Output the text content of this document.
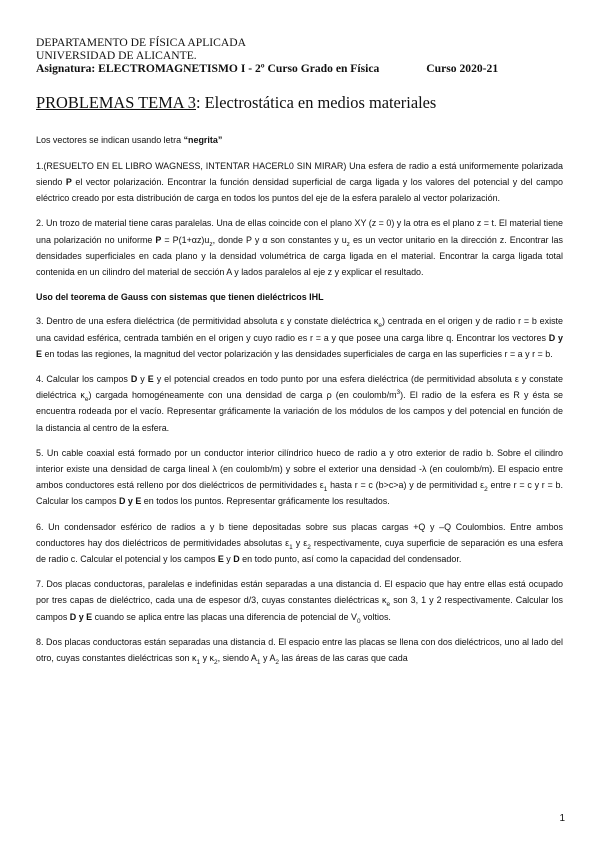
DEPARTAMENTO DE FÍSICA APLICADA
UNIVERSIDAD DE ALICANTE.
Asignatura: ELECTROMAGNETISMO I - 2º Curso Grado en Física	Curso 2020-21
PROBLEMAS TEMA 3: Electrostática en medios materiales

Los vectores se indican usando letra “negrita”

1.(RESUELTO EN EL LIBRO WAGNESS, INTENTAR HACERL0 SIN MIRAR) Una esfera de radio a está uniformemente polarizada siendo P el vector polarización. Encontrar la función densidad superficial de carga ligada y los valores del potencial y del campo eléctrico creado por esta distribución de carga en todos los puntos del eje de la esfera paralelo al vector polarización.

2. Un trozo de material tiene caras paralelas. Una de ellas coincide con el plano XY (z = 0) y la otra es el plano z = t. El material tiene una polarización no uniforme $P = P(1+\alpha z)u_z$, donde P y α son constantes y $u_z$ es un vector unitario en la dirección z. Encontrar las densidades superficiales en cada plano y la densidad volumétrica de carga ligada en el material. Encontrar la carga ligada total contenida en un cilindro del material de sección A y lados paralelos al eje z y explicar el resultado.

Uso del teorema de Gauss con sistemas que tienen dieléctricos IHL

3. Dentro de una esfera dieléctrica (de permitividad absoluta ε y constate dieléctrica $\kappa_e$) centrada en el origen y de radio r = b existe una cavidad esférica, centrada también en el origen y cuyo radio es r = a y que posee una carga libre q. Encontrar los vectores D y E en todas las regiones, la magnitud del vector polarización y las densidades superficiales de carga en las superficies r = a y r = b.

4. Calcular los campos D y E y el potencial creados en todo punto por una esfera dieléctrica (de permitividad absoluta ε y constate dieléctrica $\kappa_e$) cargada homogéneamente con una densidad de carga ρ (en coulomb/$m^3$). El radio de la esfera es R y ésta se encuentra rodeada por el vacío. Representar gráficamente la variación de los módulos de los campos y del potencial en función de la distancia al centro de la esfera.

5. Un cable coaxial está formado por un conductor interior cilíndrico hueco de radio a y otro exterior de radio b. Sobre el cilindro interior existe una densidad de carga lineal λ (en coulomb/m) y sobre el exterior una densidad -λ (en coulomb/m). El espacio entre ambos conductores está relleno por dos dieléctricos de permitividades $\varepsilon_1$ hasta r = c (b>c>a) y de permitividad $\varepsilon_2$ entre r = c y r = b. Calcular los campos D y E en todos los puntos. Representar gráficamente los resultados.

6. Un condensador esférico de radios a y b tiene depositadas sobre sus placas cargas +Q y –Q Coulombios. Entre ambos conductores hay dos dieléctricos de permitividades absolutas $\varepsilon_1$ y $\varepsilon_2$ respectivamente, cuya superficie de separación es una esfera de radio c. Calcular el potencial y los campos E y D en todo punto, así como la capacidad del condensador.

7. Dos placas conductoras, paralelas e indefinidas están separadas a una distancia d. El espacio que hay entre ellas está ocupado por tres capas de dieléctrico, cada una de espesor d/3, cuyas constantes dieléctricas $\kappa_e$ son 3, 1 y 2 respectivamente. Calcular los campos D y E cuando se aplica entre las placas una diferencia de potencial de $V_0$ voltios.

8. Dos placas conductoras están separadas una distancia d. El espacio entre las placas se llena con dos dieléctricos, uno al lado del otro, cuyas constantes dieléctricas son $\kappa_1$ y $\kappa_2$, siendo $A_1$ y $A_2$ las áreas de las caras que cada

1
